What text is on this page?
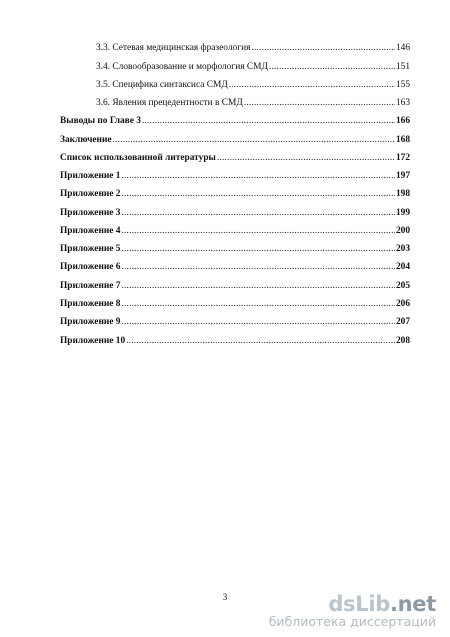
3.3. Сетевая медицинская фразеология .....	146
3.4. Словообразование и морфология СМД .....	151
3.5. Специфика синтаксиса СМД .....	155
3.6. Явления прецедентности в СМД .....	163
Выводы по Главе 3 .....	166
Заключение .....	168
Список использованной литературы .....	172
Приложение 1 .....	197
Приложение 2 .....	198
Приложение 3 .....	199
Приложение 4 .....	200
Приложение 5 .....	203
Приложение 6 .....	204
Приложение 7 .....	205
Приложение 8 .....	206
Приложение 9 .....	207
Приложение 10 .....	208
3	dsLib.net
библиотека диссертаций
